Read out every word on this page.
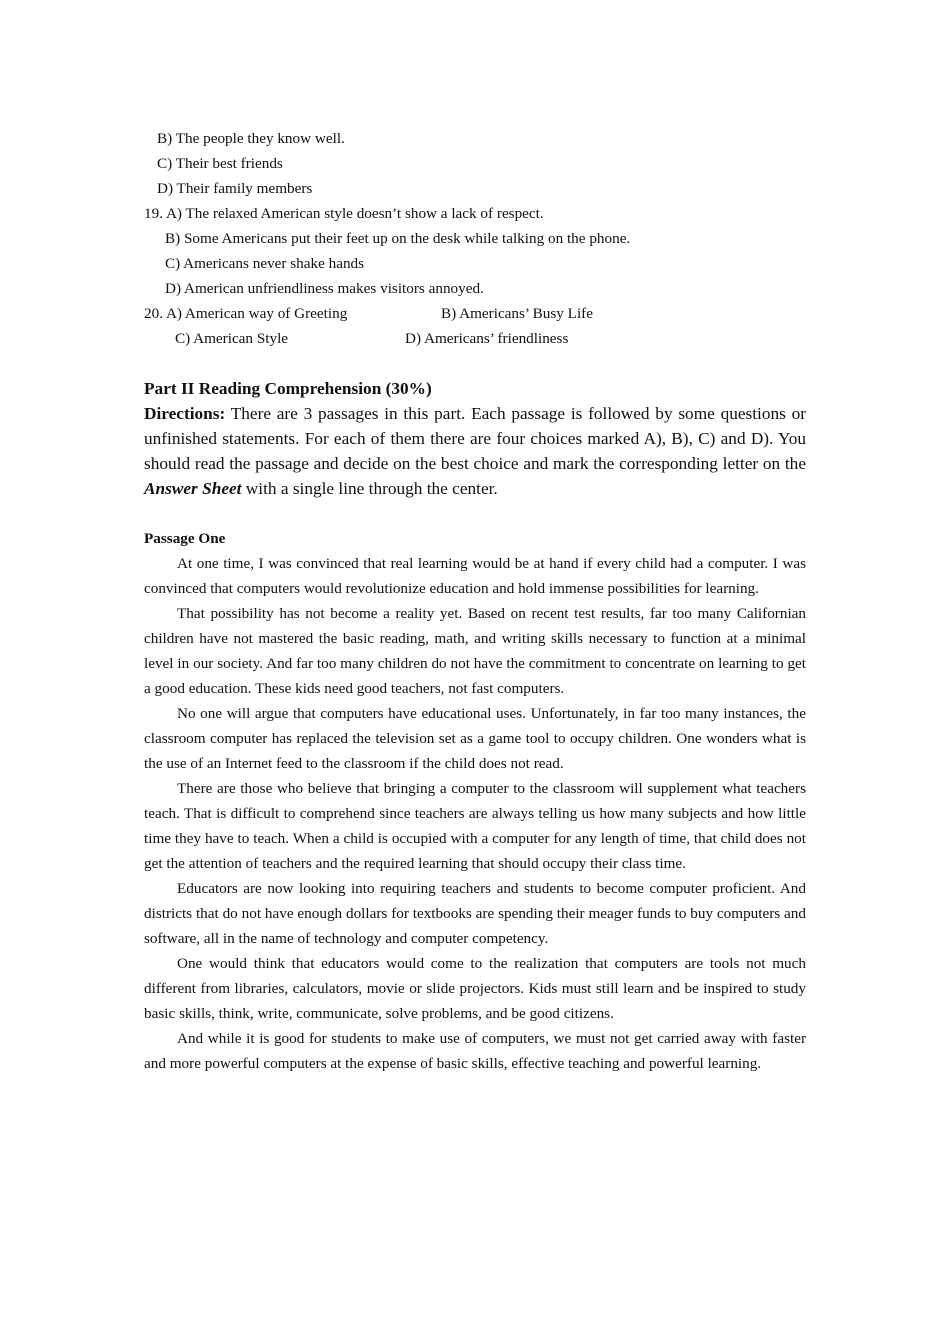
B) The people they know well.
C) Their best friends
D) Their family members
19. A) The relaxed American style doesn’t show a lack of respect.
B) Some Americans put their feet up on the desk while talking on the phone.
C) Americans never shake hands
D) American unfriendliness makes visitors annoyed.
20. A) American way of Greeting	B) Americans’ Busy Life
C) American Style	D) Americans’ friendliness
Part II Reading Comprehension (30%)
Directions: There are 3 passages in this part. Each passage is followed by some questions or unfinished statements. For each of them there are four choices marked A), B), C) and D). You should read the passage and decide on the best choice and mark the corresponding letter on the Answer Sheet with a single line through the center.
Passage One

At one time, I was convinced that real learning would be at hand if every child had a computer. I was convinced that computers would revolutionize education and hold immense possibilities for learning.

That possibility has not become a reality yet. Based on recent test results, far too many Californian children have not mastered the basic reading, math, and writing skills necessary to function at a minimal level in our society. And far too many children do not have the commitment to concentrate on learning to get a good education. These kids need good teachers, not fast computers.

No one will argue that computers have educational uses. Unfortunately, in far too many instances, the classroom computer has replaced the television set as a game tool to occupy children. One wonders what is the use of an Internet feed to the classroom if the child does not read.

There are those who believe that bringing a computer to the classroom will supplement what teachers teach. That is difficult to comprehend since teachers are always telling us how many subjects and how little time they have to teach. When a child is occupied with a computer for any length of time, that child does not get the attention of teachers and the required learning that should occupy their class time.

Educators are now looking into requiring teachers and students to become computer proficient. And districts that do not have enough dollars for textbooks are spending their meager funds to buy computers and software, all in the name of technology and computer competency.

One would think that educators would come to the realization that computers are tools not much different from libraries, calculators, movie or slide projectors. Kids must still learn and be inspired to study basic skills, think, write, communicate, solve problems, and be good citizens.

And while it is good for students to make use of computers, we must not get carried away with faster and more powerful computers at the expense of basic skills, effective teaching and powerful learning.
